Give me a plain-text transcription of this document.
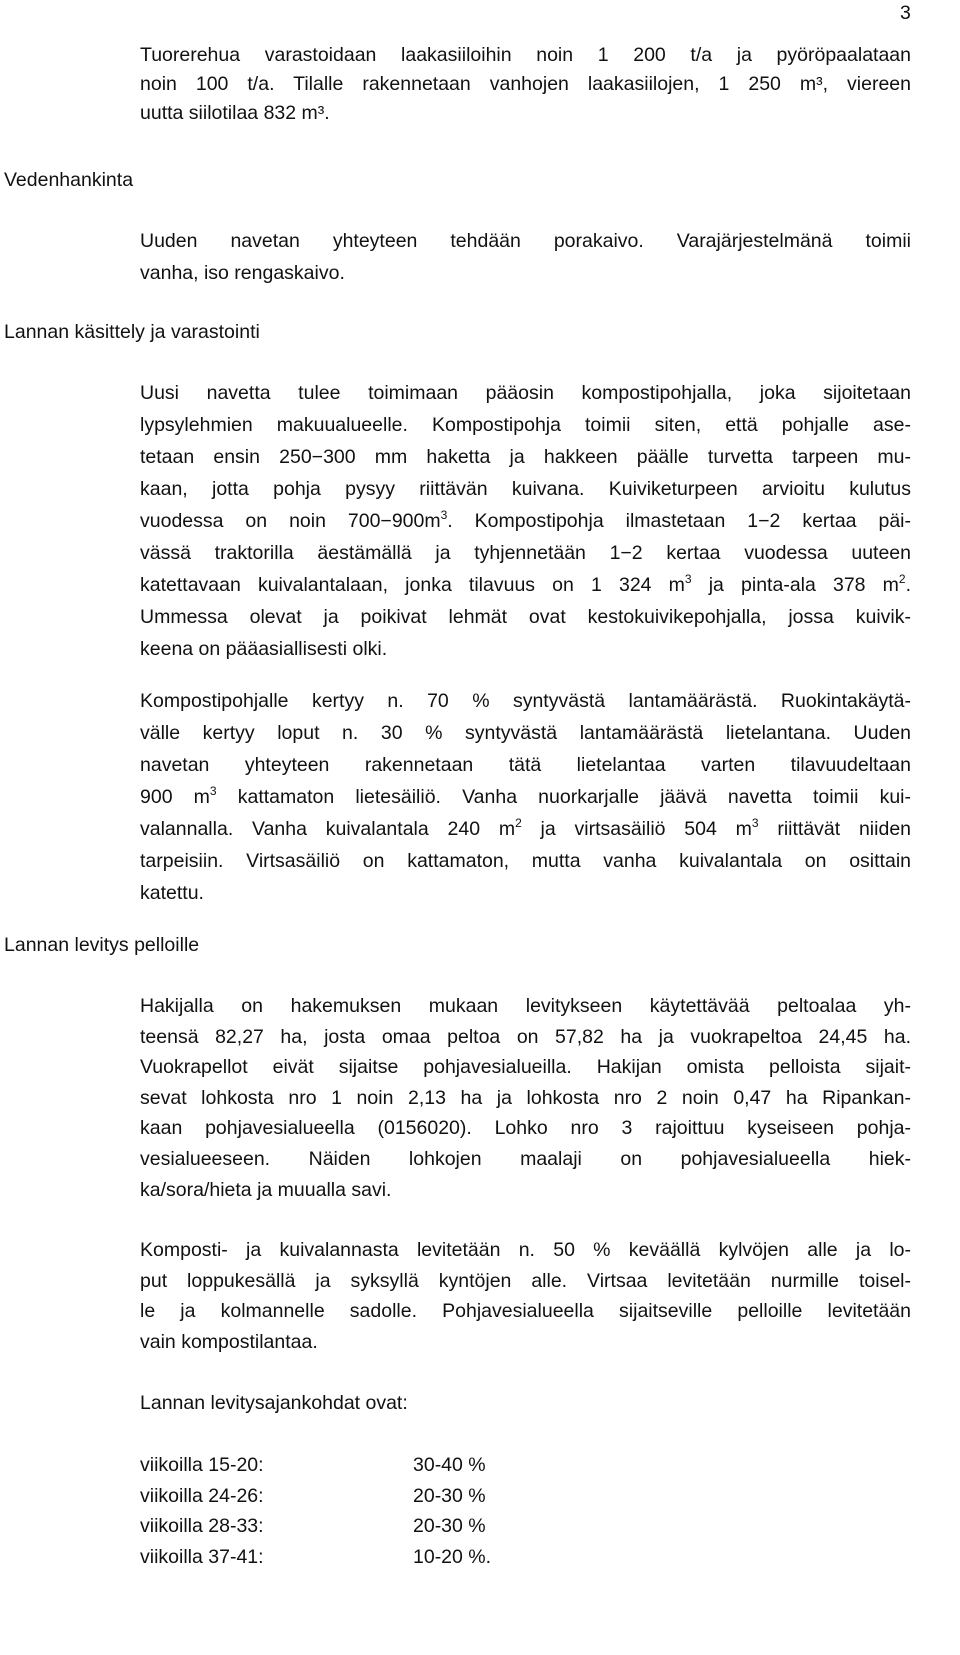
3
Tuorerehua varastoidaan laakasiiloihin noin 1 200 t/a ja pyöröpaalataan
noin 100 t/a. Tilalle rakennetaan vanhojen laakasiilojen, 1 250 m³, viereen
uutta siilotilaa 832 m³.
Vedenhankinta
Uuden navetan yhteyteen tehdään porakaivo. Varajärjestelmänä toimii
vanha, iso rengaskaivo.
Lannan käsittely ja varastointi
Uusi navetta tulee toimimaan pääosin kompostipohjalla, joka sijoitetaan
lypsylehmien makuualueelle. Kompostipohja toimii siten, että pohjalle ase-
tetaan ensin 250−300 mm haketta ja hakkeen päälle turvetta tarpeen mu-
kaan, jotta pohja pysyy riittävän kuivana. Kuiviketurpeen arvioitu kulutus
vuodessa on noin $700-900m^3$. Kompostipohja ilmastetaan 1−2 kertaa päi-
vässä traktorilla äestämällä ja tyhjennetään 1−2 kertaa vuodessa uuteen
katettavaan kuivalantalaan, jonka tilavuus on 1 324 $m^3$ ja pinta-ala 378 $m^2$.
Ummessa olevat ja poikivat lehmät ovat kestokuivikepohjalla, jossa kuivik-
keena on pääasiallisesti olki.
Kompostipohjalle kertyy n. 70 % syntyvästä lantamäärästä. Ruokintakäytä-
välle kertyy loput n. 30 % syntyvästä lantamäärästä lietelantana. Uuden
navetan yhteyteen rakennetaan tätä lietelantaa varten tilavuudeltaan
900 $m^3$ kattamaton lietesäiliö. Vanha nuorkarjalle jäävä navetta toimii kui-
valannalla. Vanha kuivalantala 240 $m^2$ ja virtsasäiliö 504 $m^3$ riittävät niiden
tarpeisiin. Virtsasäiliö on kattamaton, mutta vanha kuivalantala on osittain
katettu.
Lannan levitys pelloille
Hakijalla on hakemuksen mukaan levitykseen käytettävää peltoalaa yh-
teensä 82,27 ha, josta omaa peltoa on 57,82 ha ja vuokrapeltoa 24,45 ha.
Vuokrapellot eivät sijaitse pohjavesialueilla. Hakijan omista pelloista sijait-
sevat lohkosta nro 1 noin 2,13 ha ja lohkosta nro 2 noin 0,47 ha Ripankan-
kaan pohjavesialueella (0156020). Lohko nro 3 rajoittuu kyseiseen pohja-
vesialueeseen. Näiden lohkojen maalaji on pohjavesialueella hiek-
ka/sora/hieta ja muualla savi.
Komposti- ja kuivalannasta levitetään n. 50 % keväällä kylvöjen alle ja lo-
put loppukesällä ja syksyllä kyntöjen alle. Virtsaa levitetään nurmille toisel-
le ja kolmannelle sadolle. Pohjavesialueella sijaitseville pelloille levitetään
vain kompostilantaa.
Lannan levitysajankohdat ovat:
viikoilla 15-20:	30-40 %
viikoilla 24-26:	20-30 %
viikoilla 28-33:	20-30 %
viikoilla 37-41:	10-20 %.
